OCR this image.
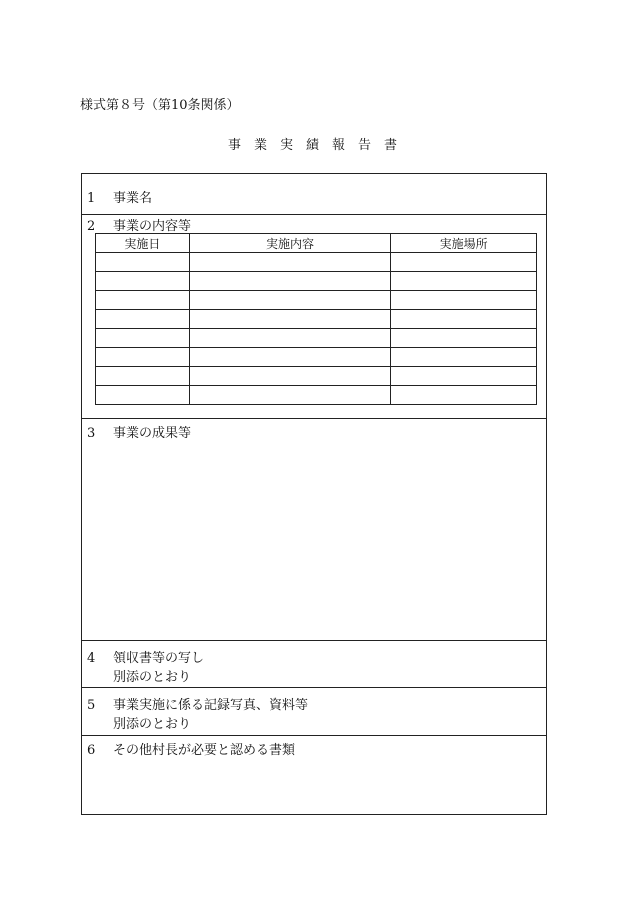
様式第８号（第10条関係）
事業実績報告書
1 事業名
2 事業の内容等
実施日	実施内容	実施場所

3 事業の成果等
4 領収書等の写し
別添のとおり
5 事業実施に係る記録写真、資料等
別添のとおり
6 その他村長が必要と認める書類
